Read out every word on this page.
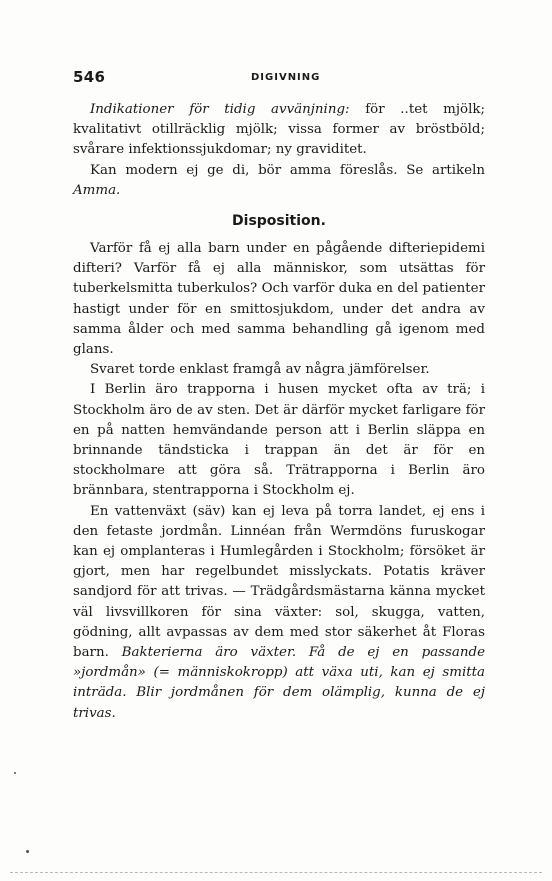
546	DIGIVNING

Indikationer för tidig avvänjning: för ..tet mjölk; kvalitativt otillräcklig mjölk; vissa former av bröstböld; svårare infektionssjukdomar; ny graviditet.

Kan modern ej ge di, bör amma föreslås. Se artikeln Amma.

Disposition.

Varför få ej alla barn under en pågående difteriepidemi difteri? Varför få ej alla människor, som utsättas för tuberkelsmitta tuberkulos? Och varför duka en del patienter hastigt under för en smittosjukdom, under det andra av samma ålder och med samma behandling gå igenom med glans.

Svaret torde enklast framgå av några jämförelser.

I Berlin äro trapporna i husen mycket ofta av trä; i Stockholm äro de av sten. Det är därför mycket farligare för en på natten hemvändande person att i Berlin släppa en brinnande tändsticka i trappan än det är för en stockholmare att göra så. Trätrapporna i Berlin äro brännbara, stentrapporna i Stockholm ej.

En vattenväxt (säv) kan ej leva på torra landet, ej ens i den fetaste jordmån. Linnéan från Wermdöns furuskogar kan ej omplanteras i Humlegården i Stockholm; försöket är gjort, men har regelbundet misslyckats. Potatis kräver sandjord för att trivas. — Trädgårdsmästarna känna mycket väl livsvillkoren för sina växter: sol, skugga, vatten, gödning, allt avpassas av dem med stor säkerhet åt Floras barn. Bakterierna äro växter. Få de ej en passande »jordmån» (= människokropp) att växa uti, kan ej smitta inträda. Blir jordmånen för dem olämplig, kunna de ej trivas.
